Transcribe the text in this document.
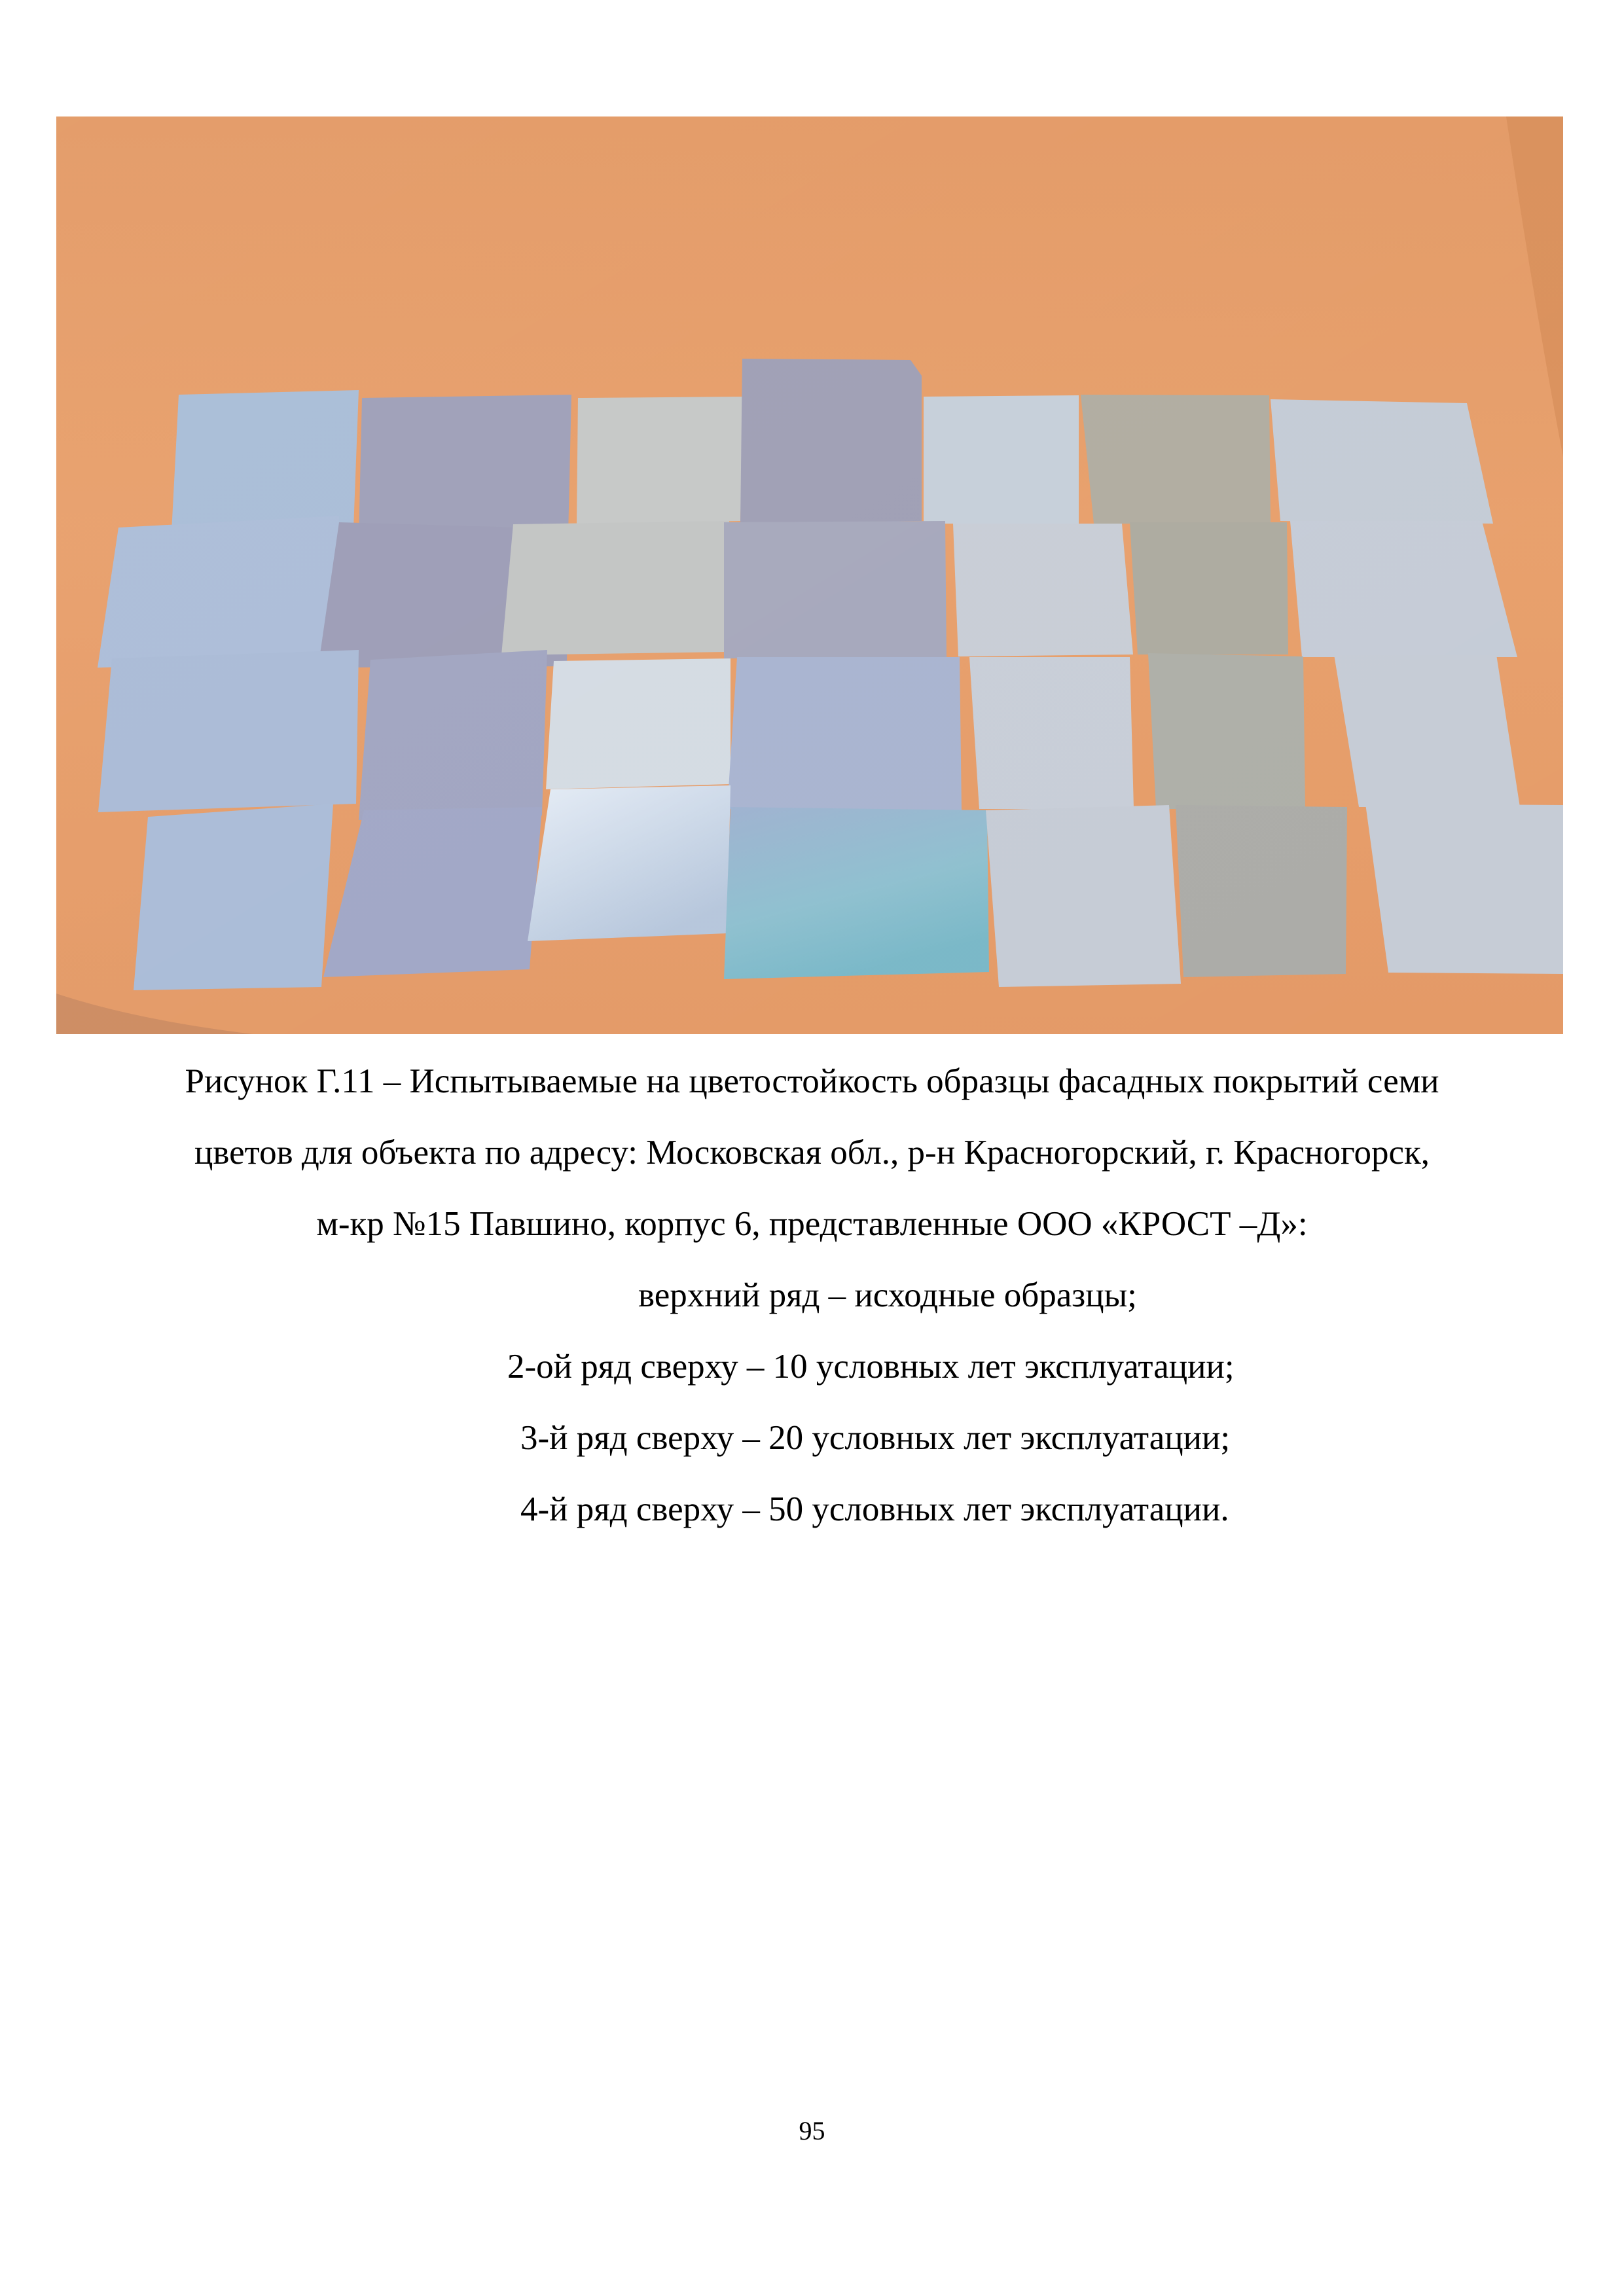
Рисунок Г.11 – Испытываемые на цветостойкость образцы фасадных покрытий семи
цветов для объекта по адресу: Московская обл., р-н Красногорский, г. Красногорск,
м-кр №15 Павшино, корпус 6, представленные ООО «КРОСТ –Д»:
верхний ряд – исходные образцы;
2-ой ряд сверху – 10 условных лет эксплуатации;
3-й ряд сверху – 20 условных лет эксплуатации;
4-й ряд сверху – 50 условных лет эксплуатации.
95
